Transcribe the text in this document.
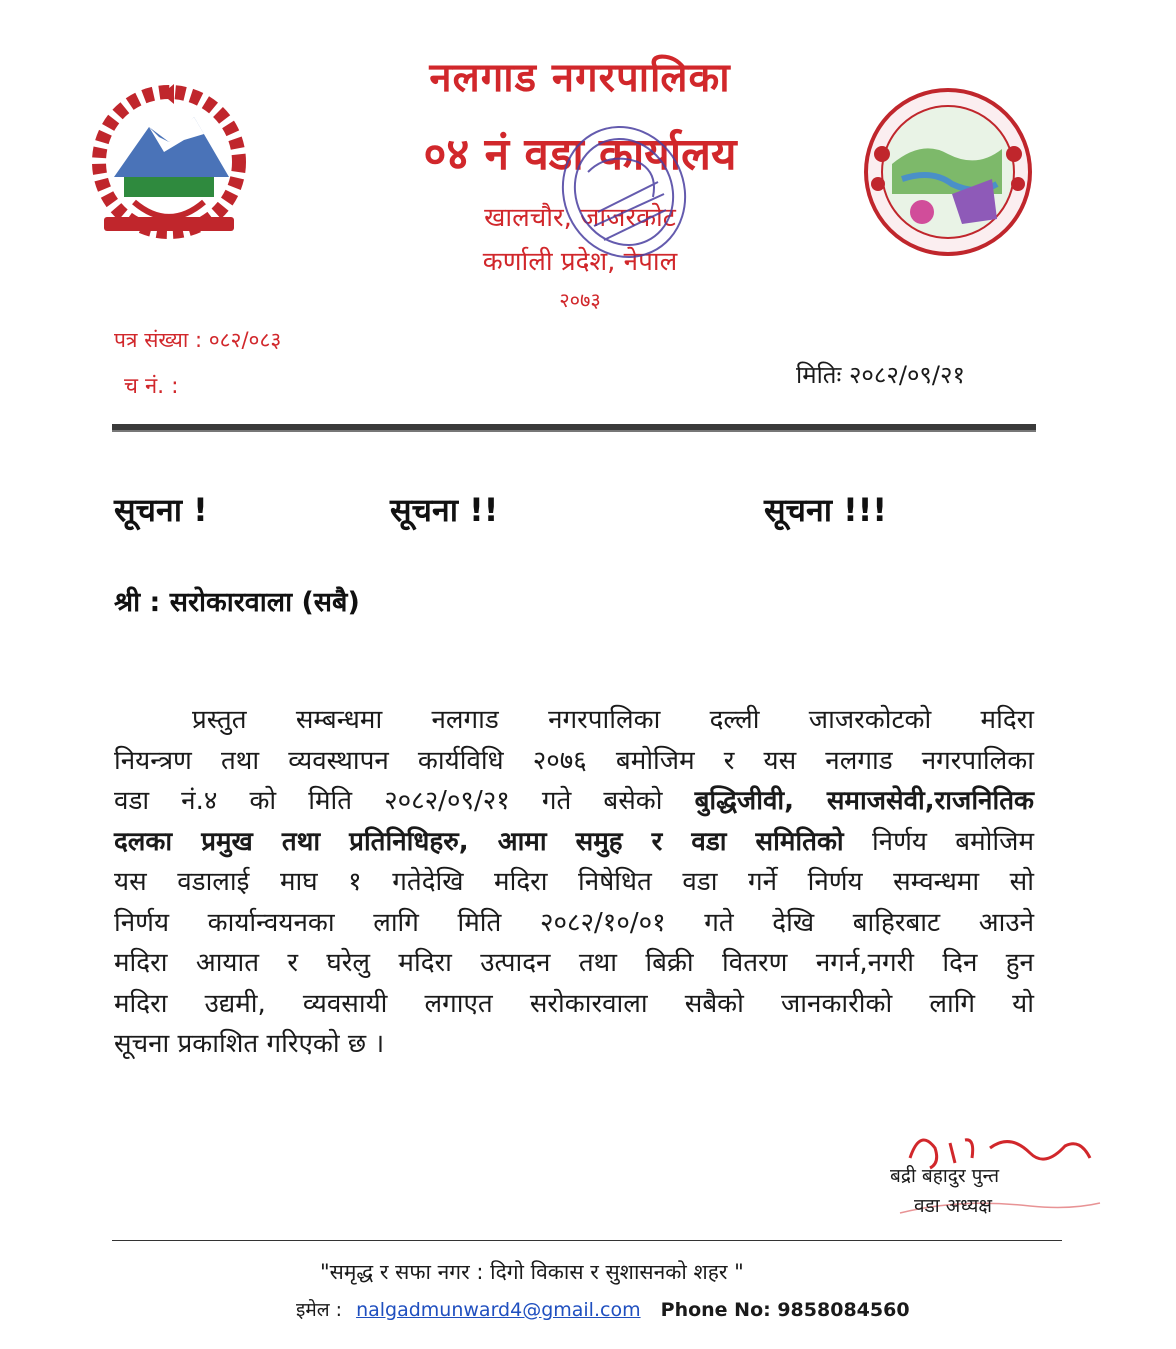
नलगाड नगरपालिका
०४ नं वडा कार्यालय
खालचौर, जाजरकोट
कर्णाली प्रदेश, नेपाल
२०७३
पत्र संख्या : ०८२/०८३
च नं. :	मितिः २०८२/०९/२१
सूचना !	सूचना !!	सूचना !!!
श्री : सरोकारवाला (सबै)
प्रस्तुत सम्बन्धमा नलगाड नगरपालिका दल्ली जाजरकोटको मदिरा
नियन्त्रण तथा व्यवस्थापन कार्यविधि २०७६ बमोजिम र यस नलगाड नगरपालिका
वडा नं.४ को मिति २०८२/०९/२१ गते बसेको बुद्धिजीवी, समाजसेवी,राजनितिक
दलका प्रमुख तथा प्रतिनिधिहरु, आमा समुह र वडा समितिको निर्णय बमोजिम
यस वडालाई माघ १ गतेदेखि मदिरा निषेधित वडा गर्ने निर्णय सम्वन्धमा सो
निर्णय कार्यान्वयनका लागि मिति २०८२/१०/०१ गते देखि बाहिरबाट आउने
मदिरा आयात र घरेलु मदिरा उत्पादन तथा बिक्री वितरण नगर्न,नगरी दिन हुन
मदिरा उद्यमी, व्यवसायी लगाएत सरोकारवाला सबैको जानकारीको लागि यो
सूचना प्रकाशित गरिएको छ ।
बद्री बहादुर पुन्त
वडा अध्यक्ष
"समृद्ध र सफा नगर : दिगो विकास र सुशासनको शहर "
इमेल : nalgadmunward4@gmail.com Phone No: 9858084560
